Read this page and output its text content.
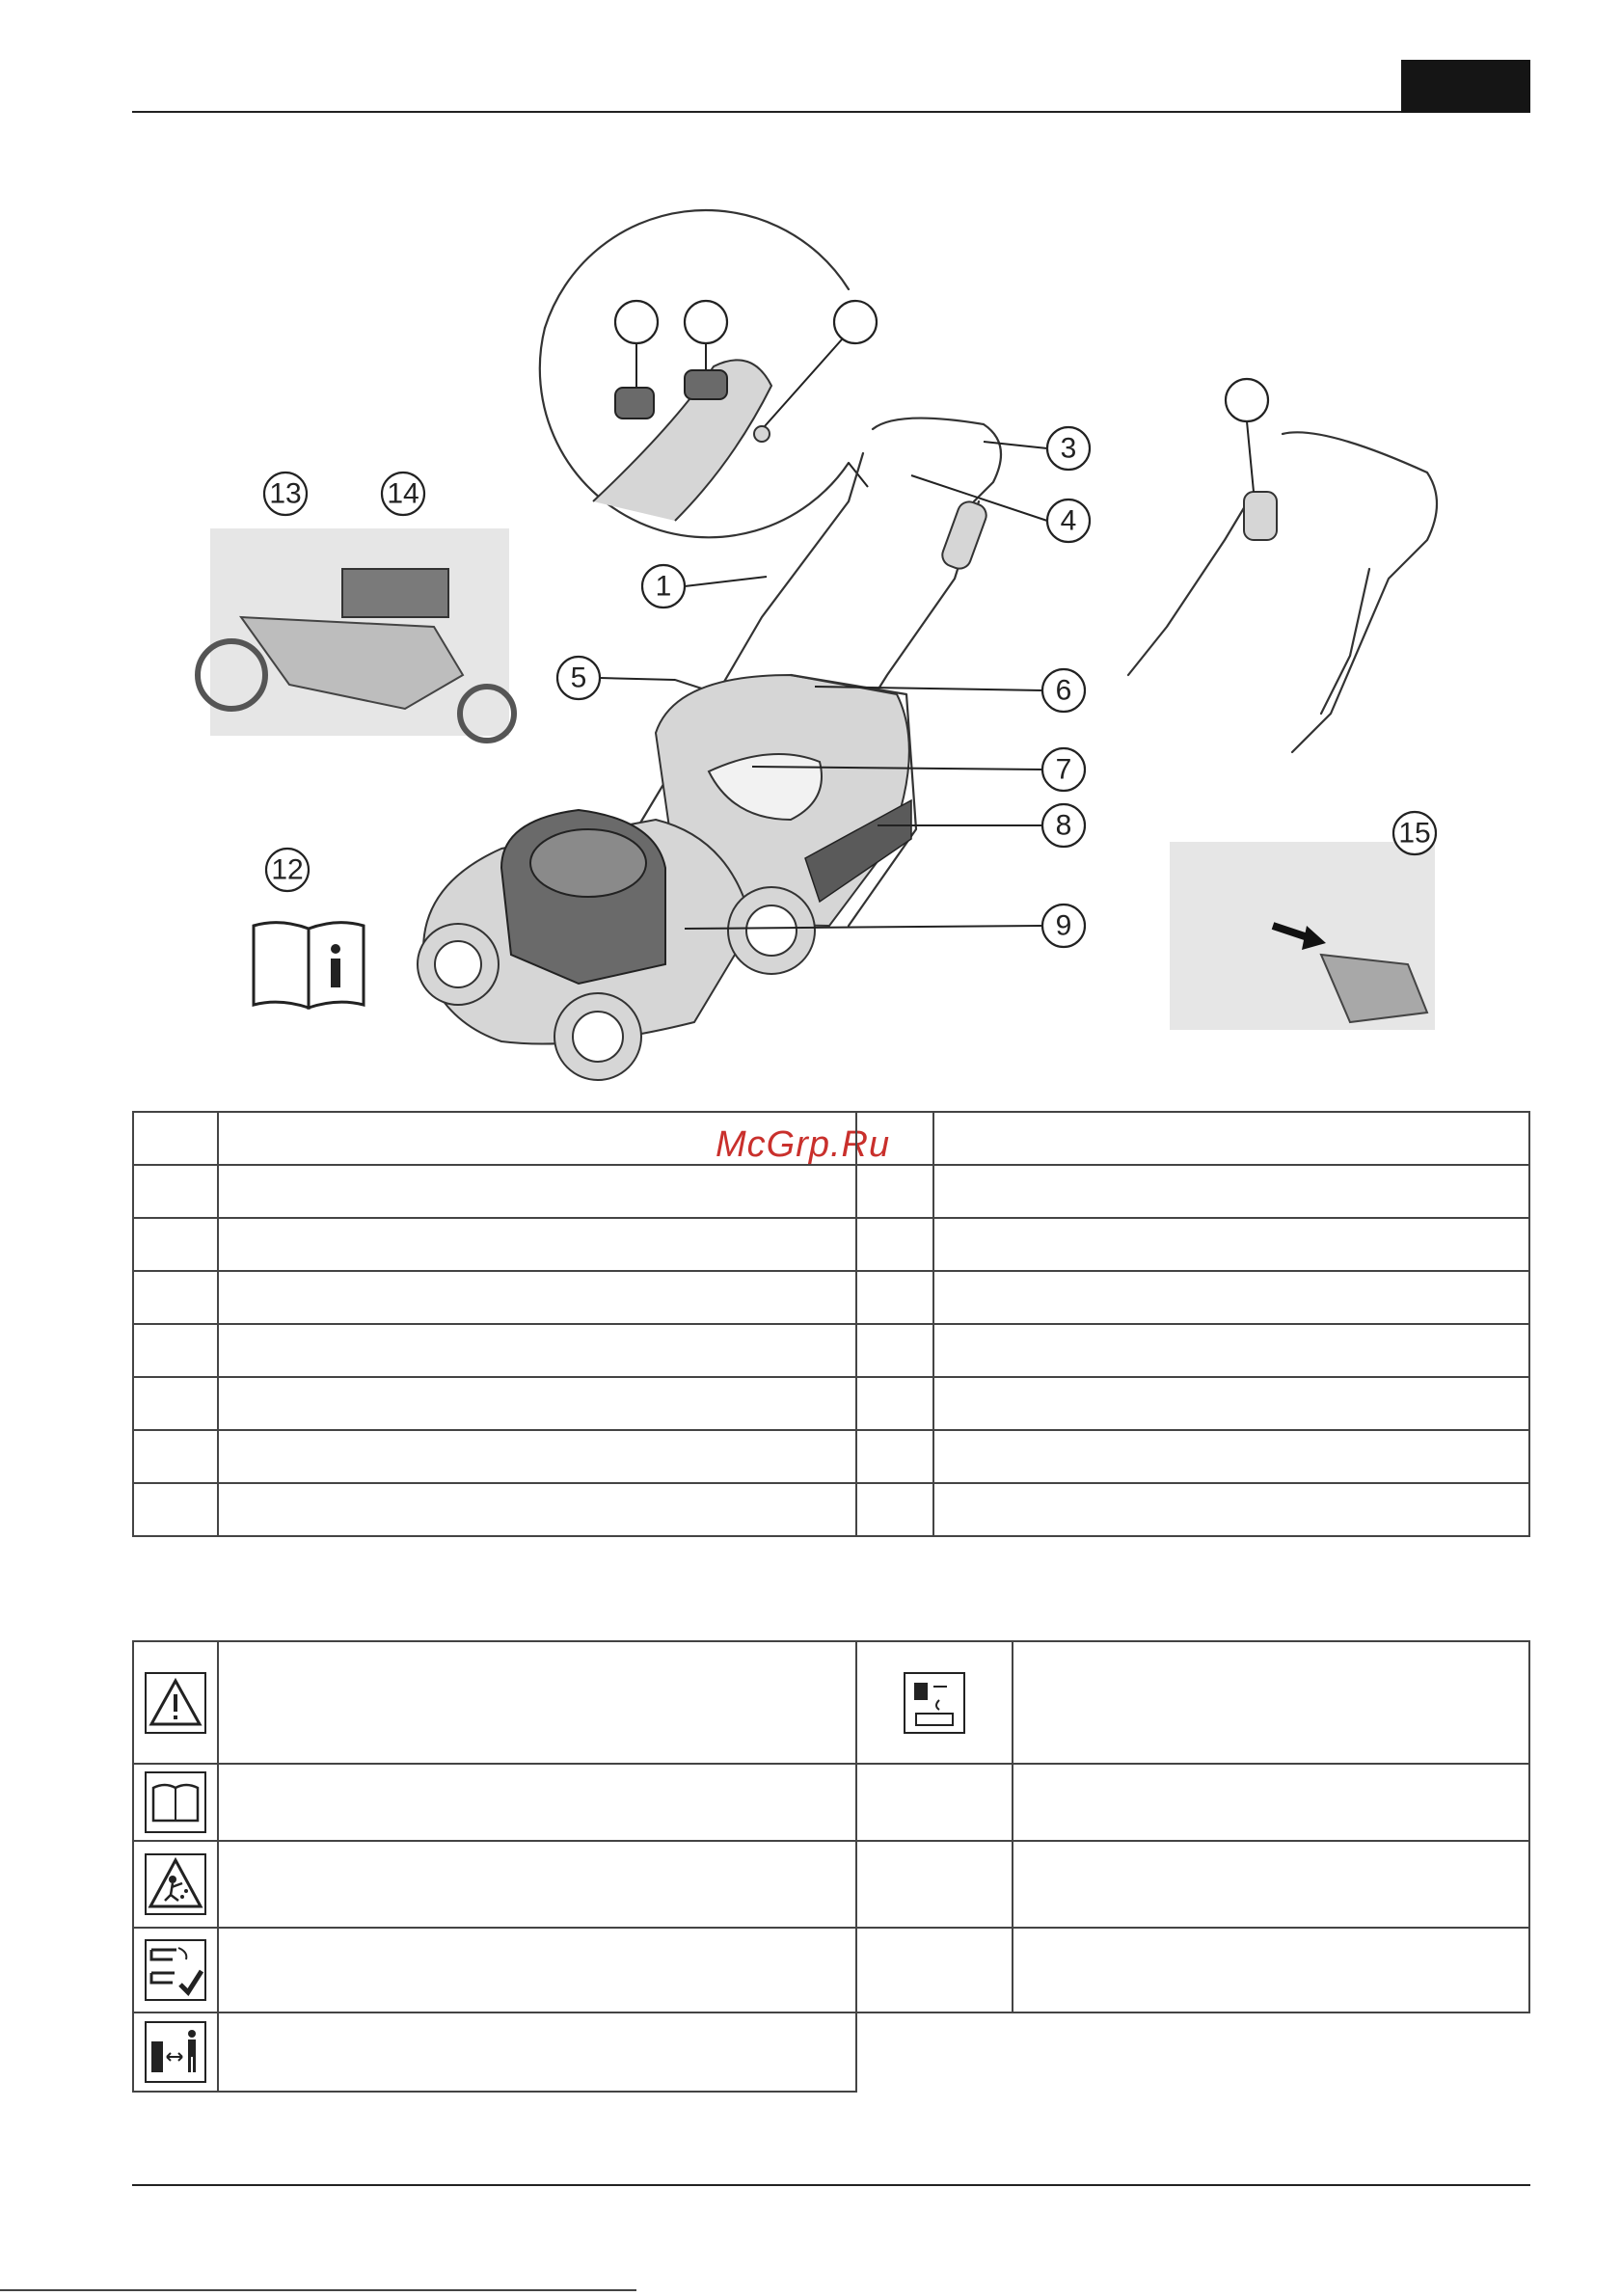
12
13	14
15
1
3
4
5	6
7
8
9
McGrp.Ru
